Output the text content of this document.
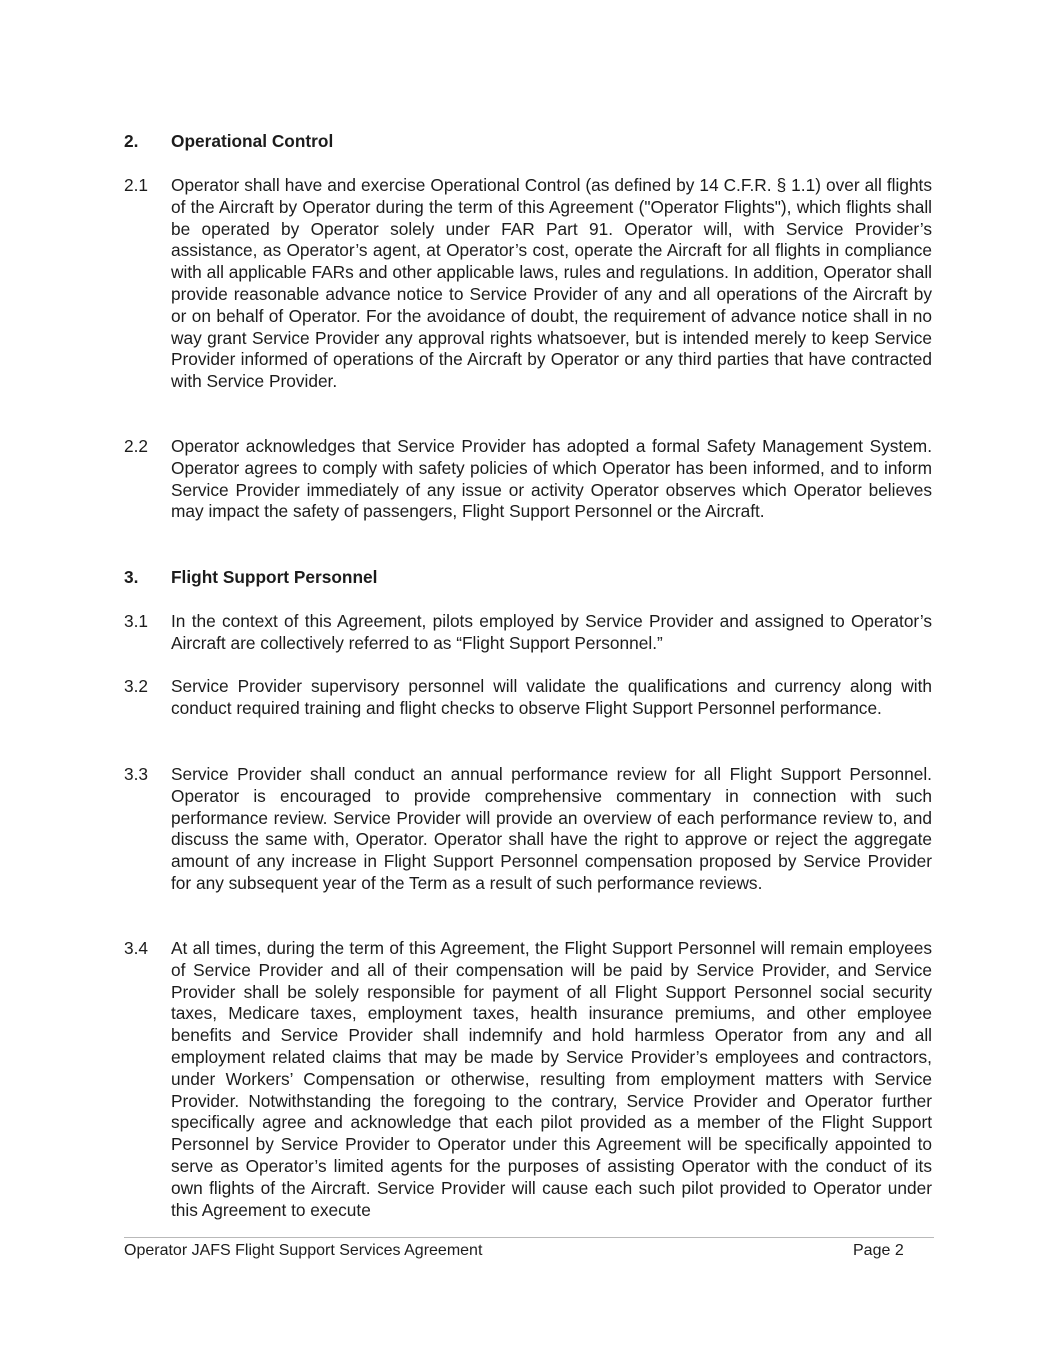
2. Operational Control
2.1 Operator shall have and exercise Operational Control (as defined by 14 C.F.R. § 1.1) over all flights of the Aircraft by Operator during the term of this Agreement ("Operator Flights"), which flights shall be operated by Operator solely under FAR Part 91. Operator will, with Service Provider’s assistance, as Operator’s agent, at Operator’s cost, operate the Aircraft for all flights in compliance with all applicable FARs and other applicable laws, rules and regulations. In addition, Operator shall provide reasonable advance notice to Service Provider of any and all operations of the Aircraft by or on behalf of Operator. For the avoidance of doubt, the requirement of advance notice shall in no way grant Service Provider any approval rights whatsoever, but is intended merely to keep Service Provider informed of operations of the Aircraft by Operator or any third parties that have contracted with Service Provider.
2.2 Operator acknowledges that Service Provider has adopted a formal Safety Management System. Operator agrees to comply with safety policies of which Operator has been informed, and to inform Service Provider immediately of any issue or activity Operator observes which Operator believes may impact the safety of passengers, Flight Support Personnel or the Aircraft.
3. Flight Support Personnel
3.1 In the context of this Agreement, pilots employed by Service Provider and assigned to Operator’s Aircraft are collectively referred to as “Flight Support Personnel.”
3.2 Service Provider supervisory personnel will validate the qualifications and currency along with conduct required training and flight checks to observe Flight Support Personnel performance.
3.3 Service Provider shall conduct an annual performance review for all Flight Support Personnel. Operator is encouraged to provide comprehensive commentary in connection with such performance review. Service Provider will provide an overview of each performance review to, and discuss the same with, Operator. Operator shall have the right to approve or reject the aggregate amount of any increase in Flight Support Personnel compensation proposed by Service Provider for any subsequent year of the Term as a result of such performance reviews.
3.4 At all times, during the term of this Agreement, the Flight Support Personnel will remain employees of Service Provider and all of their compensation will be paid by Service Provider, and Service Provider shall be solely responsible for payment of all Flight Support Personnel social security taxes, Medicare taxes, employment taxes, health insurance premiums, and other employee benefits and Service Provider shall indemnify and hold harmless Operator from any and all employment related claims that may be made by Service Provider’s employees and contractors, under Workers’ Compensation or otherwise, resulting from employment matters with Service Provider. Notwithstanding the foregoing to the contrary, Service Provider and Operator further specifically agree and acknowledge that each pilot provided as a member of the Flight Support Personnel by Service Provider to Operator under this Agreement will be specifically appointed to serve as Operator’s limited agents for the purposes of assisting Operator with the conduct of its own flights of the Aircraft. Service Provider will cause each such pilot provided to Operator under this Agreement to execute
Operator JAFS Flight Support Services Agreement	Page 2
